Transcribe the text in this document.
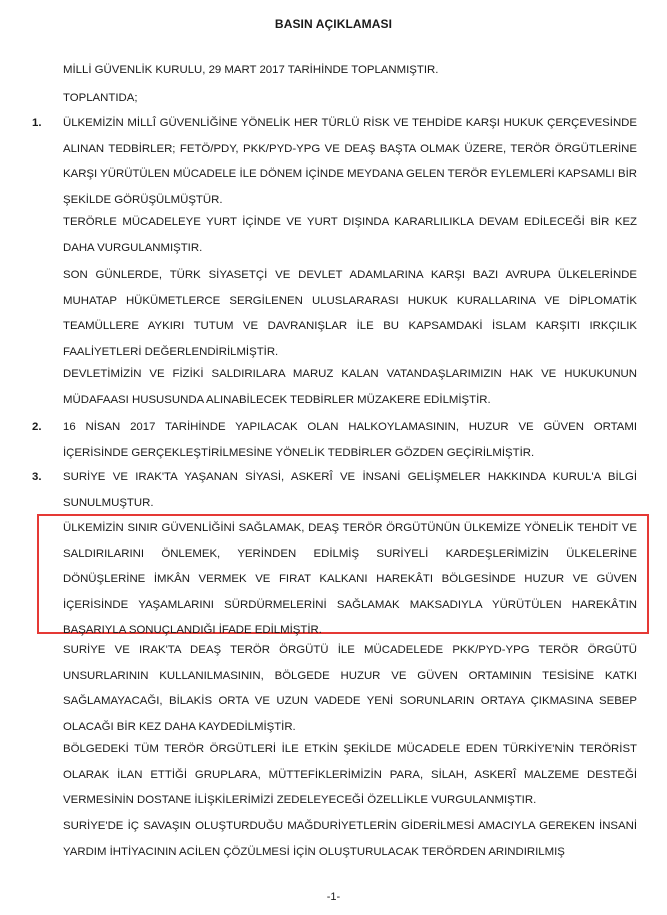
BASIN AÇIKLAMASI
MİLLİ GÜVENLİK KURULU, 29 MART 2017 TARİHİNDE TOPLANMIŞTIR.
TOPLANTIDA;
1. ÜLKEMİZİN MİLLÎ GÜVENLİĞİNE YÖNELİK HER TÜRLÜ RİSK VE TEHDİDE KARŞI HUKUK ÇERÇEVESİNDE ALINAN TEDBİRLER; FETÖ/PDY, PKK/PYD-YPG VE DEAŞ BAŞTA OLMAK ÜZERE, TERÖR ÖRGÜTLERİNE KARŞI YÜRÜTÜLEN MÜCADELE İLE DÖNEM İÇİNDE MEYDANA GELEN TERÖR EYLEMLERİ KAPSAMLI BİR ŞEKİLDE GÖRÜŞÜLMÜŞTÜR.
TERÖRLE MÜCADELEYE YURT İÇİNDE VE YURT DIŞINDA KARARLILIKLA DEVAM EDİLECEĞİ BİR KEZ DAHA VURGULANMIŞTIR.
SON GÜNLERDE, TÜRK SİYASETÇİ VE DEVLET ADAMLARINA KARŞI BAZI AVRUPA ÜLKELERİNDE MUHATAP HÜKÜMETLERCE SERGİLENEN ULUSLARARASI HUKUK KURALLARINA VE DİPLOMATİK TEAMÜLLERE AYKIRI TUTUM VE DAVRANIŞLAR İLE BU KAPSAMDAKİ İSLAM KARŞITI IRKÇILIK FAALİYETLERİ DEĞERLENDİRİLMİŞTİR.
DEVLETİMİZİN VE FİZİKİ SALDIRILARA MARUZ KALAN VATANDAŞLARIMIZIN HAK VE HUKUKUNUN MÜDAFAASI HUSUSUNDA ALINABİLECEK TEDBİRLER MÜZAKERE EDİLMİŞTİR.
2. 16 NİSAN 2017 TARİHİNDE YAPILACAK OLAN HALKOYLAMASININ, HUZUR VE GÜVEN ORTAMI İÇERİSİNDE GERÇEKLEŞTİRİLMESİNE YÖNELİK TEDBİRLER GÖZDEN GEÇİRİLMİŞTİR.
3. SURİYE VE IRAK'TA YAŞANAN SİYASİ, ASKERÎ VE İNSANİ GELİŞMELER HAKKINDA KURUL'A BİLGİ SUNULMUŞTUR.
ÜLKEMİZİN SINIR GÜVENLİĞİNİ SAĞLAMAK, DEAŞ TERÖR ÖRGÜTÜNÜN ÜLKEMİZE YÖNELİK TEHDİT VE SALDIRILARINI ÖNLEMEK, YERİNDEN EDİLMİŞ SURİYELİ KARDEŞLERİMİZİN ÜLKELERİNE DÖNÜŞLERİNE İMKÂN VERMEK VE FIRAT KALKANI HAREKÂTI BÖLGESİNDE HUZUR VE GÜVEN İÇERİSİNDE YAŞAMLARINI SÜRDÜRMELERİNİ SAĞLAMAK MAKSADIYLA YÜRÜTÜLEN HAREKÂTIN BAŞARIYLA SONUÇLANDIĞI İFADE EDİLMİŞTİR.
SURİYE VE IRAK'TA DEAŞ TERÖR ÖRGÜTÜ İLE MÜCADELEDE PKK/PYD-YPG TERÖR ÖRGÜTÜ UNSURLARININ KULLANILMASININ, BÖLGEDE HUZUR VE GÜVEN ORTAMININ TESİSİNE KATKI SAĞLAMAYACAĞI, BİLAKİS ORTA VE UZUN VADEDE YENİ SORUNLARIN ORTAYA ÇIKMASINA SEBEP OLACAĞI BİR KEZ DAHA KAYDEDİLMİŞTİR.
BÖLGEDEKİ TÜM TERÖR ÖRGÜTLERİ İLE ETKİN ŞEKİLDE MÜCADELE EDEN TÜRKİYE'NİN TERÖRİST OLARAK İLAN ETTİĞİ GRUPLARA, MÜTTEFİKLERİMİZİN PARA, SİLAH, ASKERÎ MALZEME DESTEĞİ VERMESİNİN DOSTANE İLİŞKİLERİMİZİ ZEDELEYECEĞİ ÖZELLİKLE VURGULANMIŞTIR.
SURİYE'DE İÇ SAVAŞIN OLUŞTURDUĞU MAĞDURİYETLERİN GİDERİLMESİ AMACIYLA GEREKEN İNSANİ YARDIM İHTİYACININ ACİLEN ÇÖZÜLMESİ İÇİN OLUŞTURULACAK TERÖRDEN ARINDIRILMIŞ
-1-
